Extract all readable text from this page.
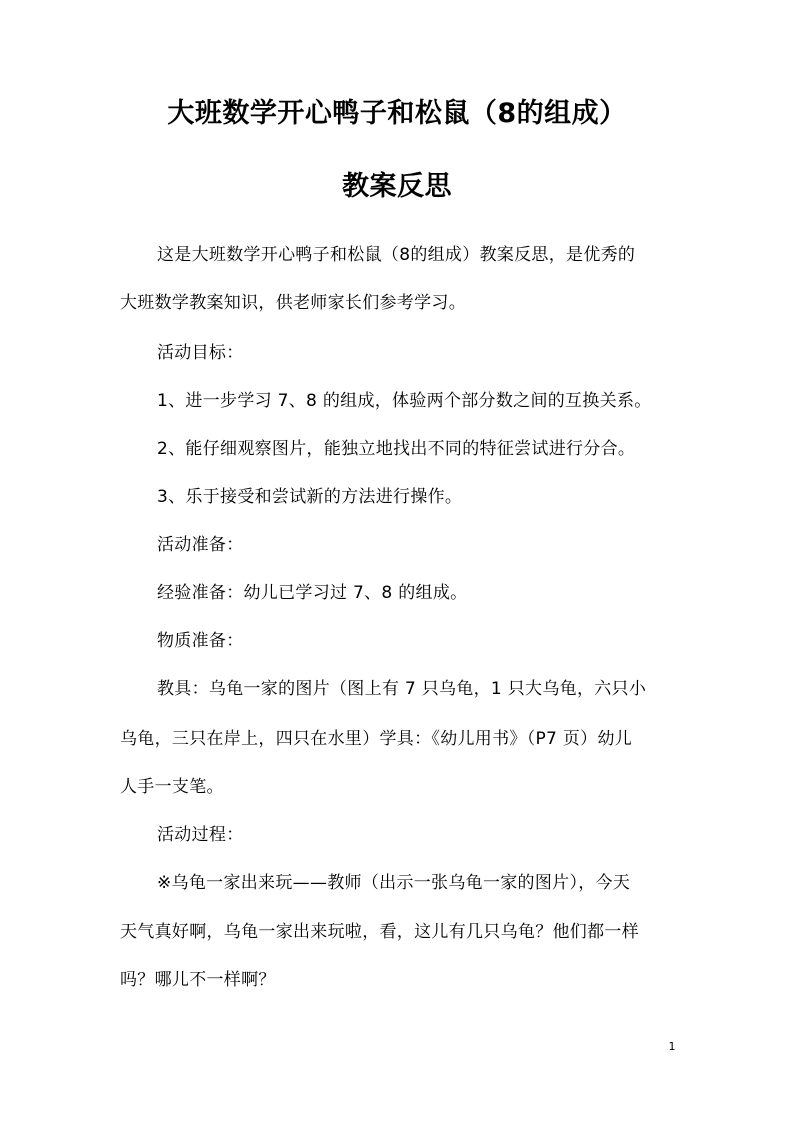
大班数学开心鸭子和松鼠（8的组成）
教案反思
这是大班数学开心鸭子和松鼠（8的组成）教案反思，是优秀的
大班数学教案知识，供老师家长们参考学习。
活动目标：
1、进一步学习 7、8 的组成，体验两个部分数之间的互换关系。
2、能仔细观察图片，能独立地找出不同的特征尝试进行分合。
3、乐于接受和尝试新的方法进行操作。
活动准备：
经验准备：幼儿已学习过 7、8 的组成。
物质准备：
教具：乌龟一家的图片（图上有 7 只乌龟，1 只大乌龟，六只小
乌龟，三只在岸上，四只在水里）学具：《幼儿用书》（P7 页）幼儿
人手一支笔。
活动过程：
※乌龟一家出来玩——教师（出示一张乌龟一家的图片），今天
天气真好啊，乌龟一家出来玩啦，看，这儿有几只乌龟？他们都一样
吗？哪儿不一样啊？
1
